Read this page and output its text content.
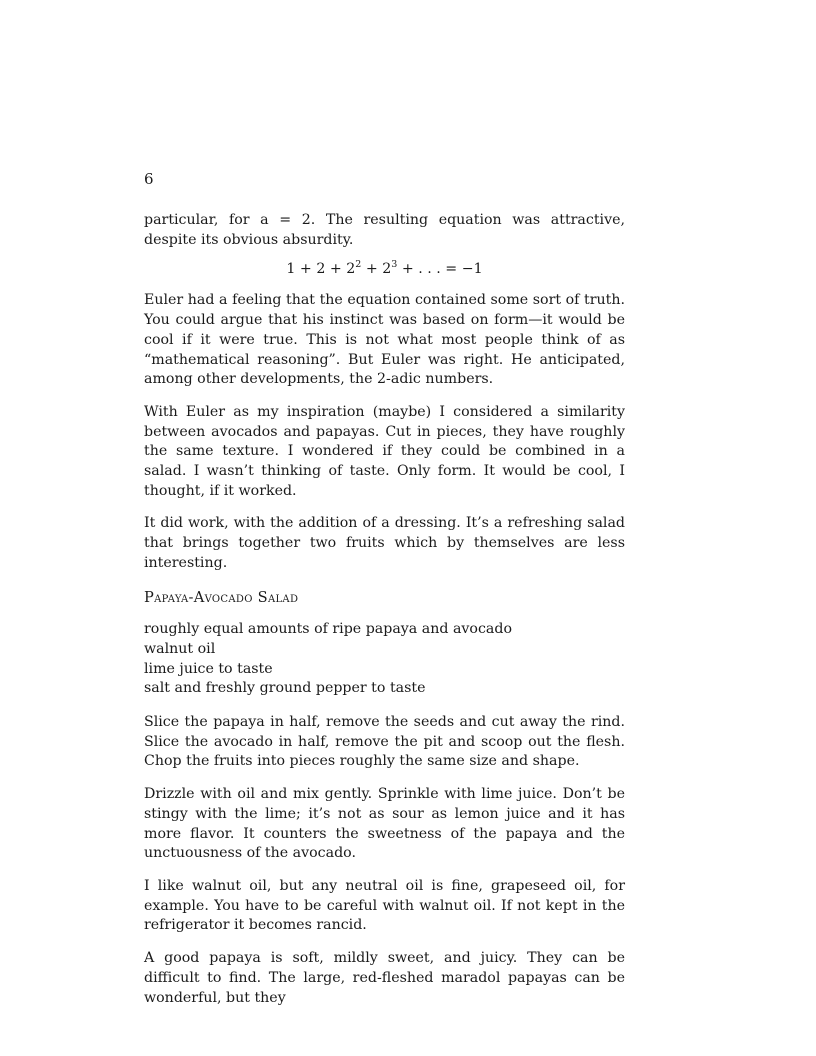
6

particular, for a = 2. The resulting equation was attractive, despite its obvious absurdity.

$1 + 2 + 2^2 + 2^3$ + . . . = −1

Euler had a feeling that the equation contained some sort of truth. You could argue that his instinct was based on form—it would be cool if it were true. This is not what most people think of as “mathematical reasoning”. But Euler was right. He anticipated, among other developments, the 2-adic numbers.

With Euler as my inspiration (maybe) I considered a similarity between avocados and papayas. Cut in pieces, they have roughly the same texture. I wondered if they could be combined in a salad. I wasn’t thinking of taste. Only form. It would be cool, I thought, if it worked.

It did work, with the addition of a dressing. It’s a refreshing salad that brings together two fruits which by themselves are less interesting.

Papaya-Avocado Salad
roughly equal amounts of ripe papaya and avocado
walnut oil
lime juice to taste
salt and freshly ground pepper to taste

Slice the papaya in half, remove the seeds and cut away the rind. Slice the avocado in half, remove the pit and scoop out the flesh. Chop the fruits into pieces roughly the same size and shape.

Drizzle with oil and mix gently. Sprinkle with lime juice. Don’t be stingy with the lime; it’s not as sour as lemon juice and it has more flavor. It counters the sweetness of the papaya and the unctuousness of the avocado.

I like walnut oil, but any neutral oil is fine, grapeseed oil, for example. You have to be careful with walnut oil. If not kept in the refrigerator it becomes rancid.

A good papaya is soft, mildly sweet, and juicy. They can be difficult to find. The large, red-fleshed maradol papayas can be wonderful, but they
